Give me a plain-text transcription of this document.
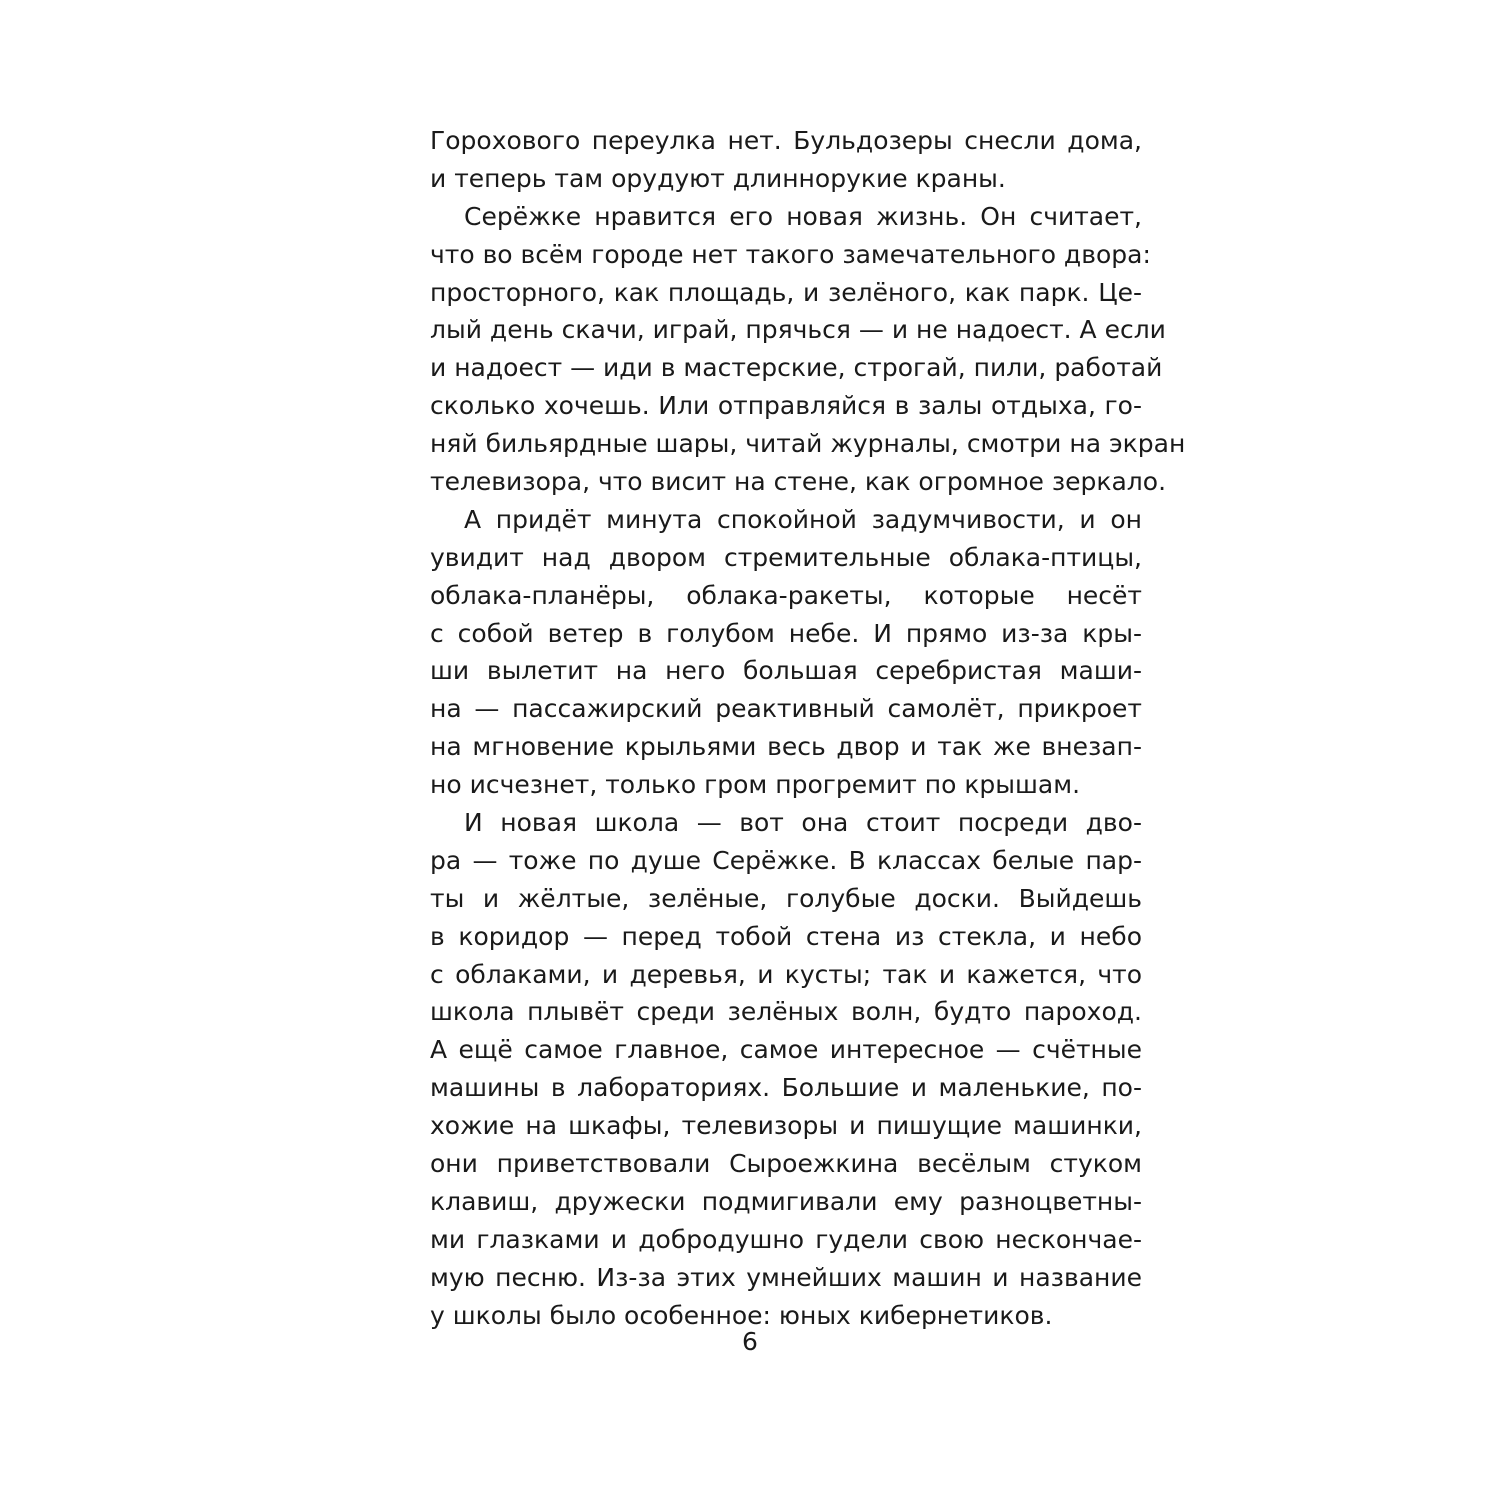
Горохового переулка нет. Бульдозеры снесли дома,
и теперь там орудуют длиннорукие краны.
Серёжке нравится его новая жизнь. Он считает,
что во всём городе нет такого замечательного двора:
просторного, как площадь, и зелёного, как парк. Це-
лый день скачи, играй, прячься — и не надоест. А если
и надоест — иди в мастерские, строгай, пили, работай
сколько хочешь. Или отправляйся в залы отдыха, го-
няй бильярдные шары, читай журналы, смотри на экран
телевизора, что висит на стене, как огромное зеркало.
А придёт минута спокойной задумчивости, и он
увидит над двором стремительные облака-птицы,
облака-планёры, облака-ракеты, которые несёт
с собой ветер в голубом небе. И прямо из-за кры-
ши вылетит на него большая серебристая маши-
на — пассажирский реактивный самолёт, прикроет
на мгновение крыльями весь двор и так же внезап-
но исчезнет, только гром прогремит по крышам.
И новая школа — вот она стоит посреди дво-
ра — тоже по душе Серёжке. В классах белые пар-
ты и жёлтые, зелёные, голубые доски. Выйдешь
в коридор — перед тобой стена из стекла, и небо
с облаками, и деревья, и кусты; так и кажется, что
школа плывёт среди зелёных волн, будто пароход.
А ещё самое главное, самое интересное — счётные
машины в лабораториях. Большие и маленькие, по-
хожие на шкафы, телевизоры и пишущие машинки,
они приветствовали Сыроежкина весёлым стуком
клавиш, дружески подмигивали ему разноцветны-
ми глазками и добродушно гудели свою нескончае-
мую песню. Из-за этих умнейших машин и название
у школы было особенное: юных кибернетиков.
6
